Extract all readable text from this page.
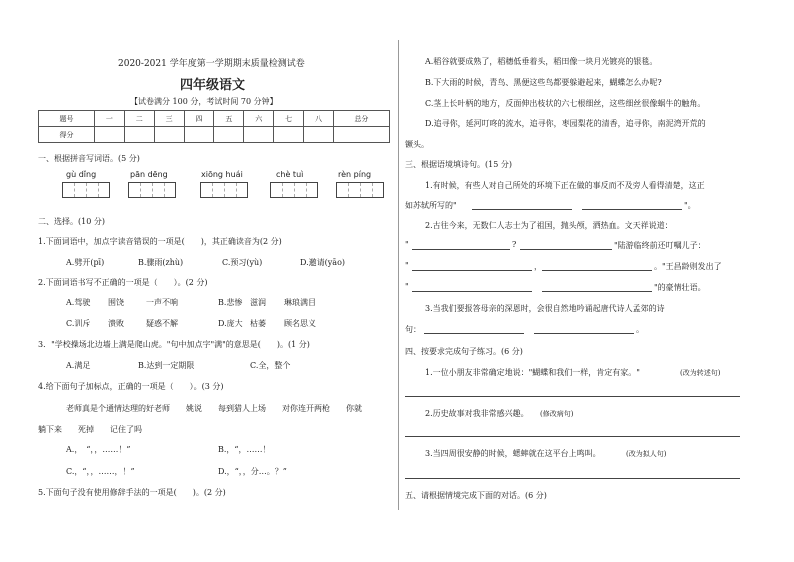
2020-2021 学年度第一学期期末质量检测试卷
四年级语文
【试卷满分 100 分，考试时间 70 分钟】
题号	一	二	三	四	五	六	七	八	总分
得分									
一、根据拼音写词语。(5 分)
gù dǐng	pān dēng	xiōng huái	chè tuì	rèn píng
二、选择。(10 分)
1.下面词语中，加点字读音错误的一项是(　　)，其正确读音为(2 分)
A.劈开(pī)	B.骤雨(zhù)	C.预习(yù)	D.邀请(yāo)
2.下面词语书写不正确的一项是（　　）。(2 分)
A.驾驶 围饶	一声不响	B.悲惨 滋润 琳琅满目
C.训斥 溃败	疑惑不解	D.庞大 枯萎 顾名思义
3．"学校操场北边墙上满是爬山虎。"句中加点字"满"的意思是(　　)。(1 分)
A.满足	B.达到一定期限	C.全，整个
4.给下面句子加标点，正确的一项是（　　）。(3 分)
老师真是个通情达理的好老师　　姚说　　每到猎人上场　　对你连开两枪　　你就
躺下来　　死掉　　记住了吗
A.，　“，，……！”	B.，“，……！
C.，“，，……，！”	D.，“，，分…。？”
5.下面句子没有使用修辞手法的一项是(　　)。(2 分)
A.稻谷就要成熟了，稻穗低垂着头，稻田像一块月光镀亮的银毯。
B.下大雨的时候，青鸟、黑便这些鸟都要躲避起来，蝴蝶怎么办呢?
C.茎上长叶柄的地方，反面伸出枝状的六七根细丝，这些细丝很像蜗牛的触角。
D.追寻你，延河叮咚的流水，追寻你，枣园梨花的清香，追寻你，南泥湾开荒的
镢头。
三、根据语境填诗句。(15 分)
1.有时候，有些人对自己所处的环境下正在做的事反而不及旁人看得清楚，这正
如苏轼所写的"	"。
2.古往今来，无数仁人志士为了祖国，抛头颅，洒热血。文天祥说道：
"	?	"陆游临终前还叮嘱儿子：
"	，	。"王昌龄则发出了
"	"的豪情壮语。
3.当我们要报答母亲的深恩时，会很自然地吟诵起唐代诗人孟郊的诗
句：	。
四、按要求完成句子练习。(6 分)
1.一位小朋友非常确定地说："蝴蝶和我们一样，肯定有家。"	(改为转述句)
2.历史故事对我非常感兴趣。 (修改病句)
3.当四周很安静的时候，蟋蟀就在这平台上鸣叫。	(改为拟人句)
五、请根据情境完成下面的对话。(6 分)
